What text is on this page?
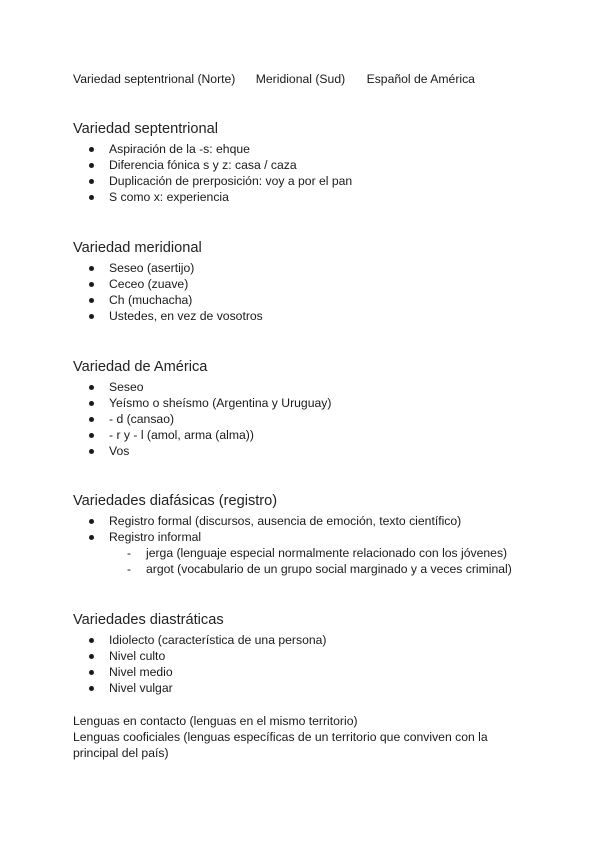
Variedad septentrional (Norte) Meridional (Sud) Español de América
Variedad septentrional
Aspiración de la -s: ehque
Diferencia fónica s y z: casa / caza
Duplicación de prerposición: voy a por el pan
S como x: experiencia
Variedad meridional
Seseo (asertijo)
Ceceo (zuave)
Ch (muchacha)
Ustedes, en vez de vosotros
Variedad de América
Seseo
Yeísmo o sheísmo (Argentina y Uruguay)
- d (cansao)
- r y - l (amol, arma (alma))
Vos
Variedades diafásicas (registro)
Registro formal (discursos, ausencia de emoción, texto científico)
Registro informal
- jerga (lenguaje especial normalmente relacionado con los jóvenes)
- argot (vocabulario de un grupo social marginado y a veces criminal)
Variedades diastráticas
Idiolecto (característica de una persona)
Nivel culto
Nivel medio
Nivel vulgar

Lenguas en contacto (lenguas en el mismo territorio)

Lenguas cooficiales (lenguas específicas de un territorio que conviven con la principal del país)
